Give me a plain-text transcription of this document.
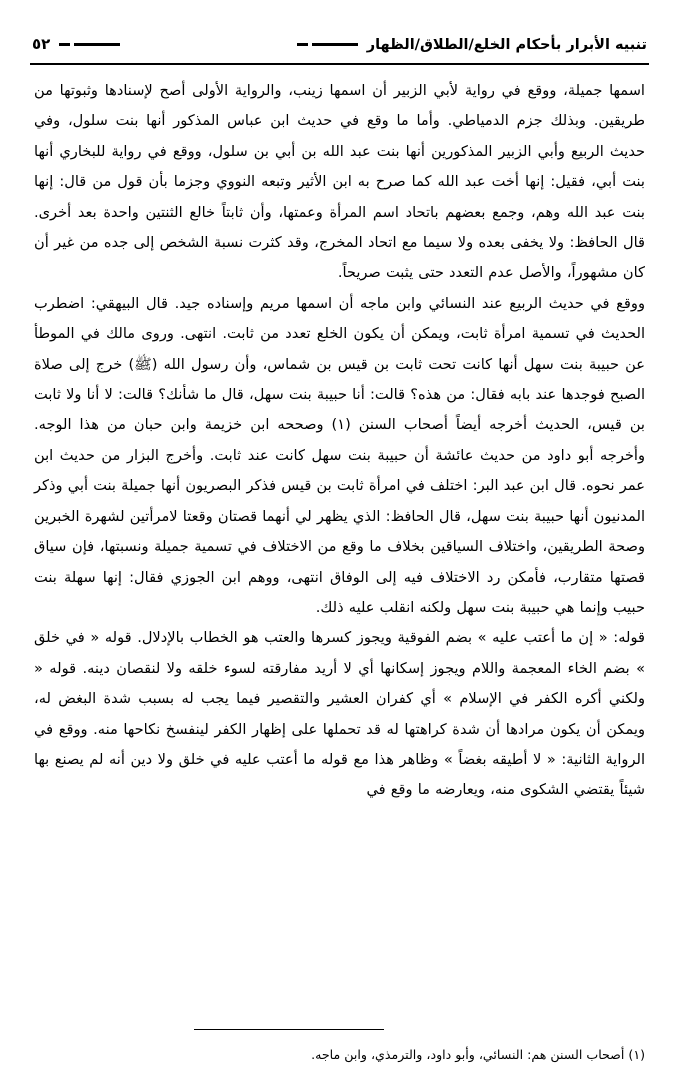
تنبيه الأبرار بأحكام الخلع/الطلاق/الظهار
٥٢

اسمها جميلة، ووقع في رواية لأبي الزبير أن اسمها زينب، والرواية الأولى أصح لإسنادها وثبوتها من طريقين. وبذلك جزم الدمياطي. وأما ما وقع في حديث ابن عباس المذكور أنها بنت سلول، وفي حديث الربيع وأبي الزبير المذكورين أنها بنت عبد الله بن أبي بن سلول، ووقع في رواية للبخاري أنها بنت أبي، فقيل: إنها أخت عبد الله كما صرح به ابن الأثير وتبعه النووي وجزما بأن قول من قال: إنها بنت عبد الله وهم، وجمع بعضهم باتحاد اسم المرأة وعمتها، وأن ثابتاً خالع الثنتين واحدة بعد أخرى. قال الحافظ: ولا يخفى بعده ولا سيما مع اتحاد المخرج، وقد كثرت نسبة الشخص إلى جده من غير أن كان مشهوراً، والأصل عدم التعدد حتى يثبت صريحاً.

ووقع في حديث الربيع عند النسائي وابن ماجه أن اسمها مريم وإسناده جيد. قال البيهقي: اضطرب الحديث في تسمية امرأة ثابت، ويمكن أن يكون الخلع تعدد من ثابت. انتهى. وروى مالك في الموطأ عن حبيبة بنت سهل أنها كانت تحت ثابت بن قيس بن شماس، وأن رسول الله (ﷺ) خرج إلى صلاة الصبح فوجدها عند بابه فقال: من هذه؟ قالت: أنا حبيبة بنت سهل، قال ما شأنك؟ قالت: لا أنا ولا ثابت بن قيس، الحديث أخرجه أيضاً أصحاب السنن (١) وصححه ابن خزيمة وابن حبان من هذا الوجه. وأخرجه أبو داود من حديث عائشة أن حبيبة بنت سهل كانت عند ثابت. وأخرج البزار من حديث ابن عمر نحوه. قال ابن عبد البر: اختلف في امرأة ثابت بن قيس فذكر البصريون أنها جميلة بنت أبي وذكر المدنيون أنها حبيبة بنت سهل، قال الحافظ: الذي يظهر لي أنهما قصتان وقعتا لامرأتين لشهرة الخبرين وصحة الطريقين، واختلاف السياقين بخلاف ما وقع من الاختلاف في تسمية جميلة ونسبتها، فإن سياق قصتها متقارب، فأمكن رد الاختلاف فيه إلى الوفاق انتهى، ووهم ابن الجوزي فقال: إنها سهلة بنت حبيب وإنما هي حبيبة بنت سهل ولكنه انقلب عليه ذلك.

قوله: « إن ما أعتب عليه » بضم الفوقية ويجوز كسرها والعتب هو الخطاب بالإدلال. قوله « في خلق » بضم الخاء المعجمة واللام ويجوز إسكانها أي لا أريد مفارقته لسوء خلقه ولا لنقصان دينه. قوله « ولكني أكره الكفر في الإسلام » أي كفران العشير والتقصير فيما يجب له بسبب شدة البغض له، ويمكن أن يكون مرادها أن شدة كراهتها له قد تحملها على إظهار الكفر لينفسخ نكاحها منه. ووقع في الرواية الثانية: « لا أطيقه بغضاً » وظاهر هذا مع قوله ما أعتب عليه في خلق ولا دين أنه لم يصنع بها شيئاً يقتضي الشكوى منه، ويعارضه ما وقع في

(١) أصحاب السنن هم: النسائي، وأبو داود، والترمذي، وابن ماجه.
